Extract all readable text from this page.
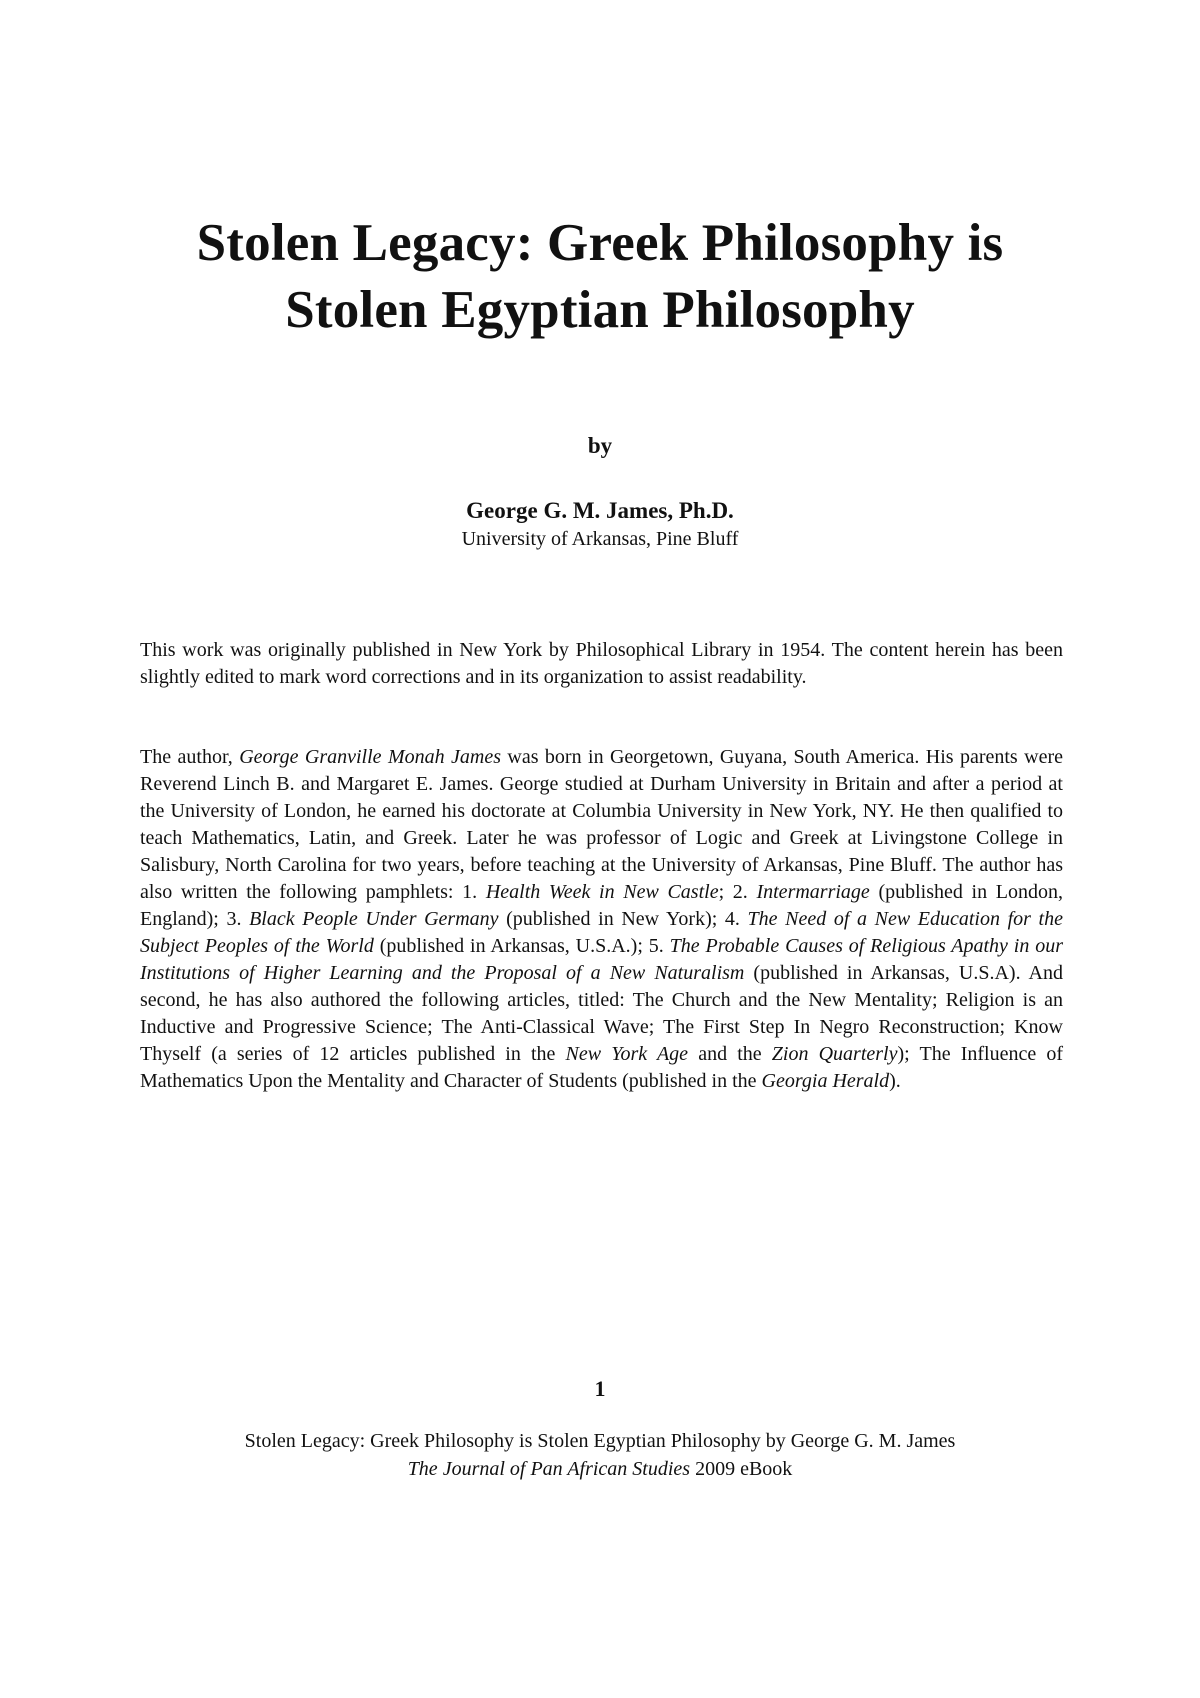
Stolen Legacy: Greek Philosophy is
Stolen Egyptian Philosophy
by
George G. M. James, Ph.D.
University of Arkansas, Pine Bluff

This work was originally published in New York by Philosophical Library in 1954. The content herein has been slightly edited to mark word corrections and in its organization to assist readability.

The author, George Granville Monah James was born in Georgetown, Guyana, South America. His parents were Reverend Linch B. and Margaret E. James. George studied at Durham University in Britain and after a period at the University of London, he earned his doctorate at Columbia University in New York, NY. He then qualified to teach Mathematics, Latin, and Greek. Later he was professor of Logic and Greek at Livingstone College in Salisbury, North Carolina for two years, before teaching at the University of Arkansas, Pine Bluff. The author has also written the following pamphlets: 1. Health Week in New Castle; 2. Intermarriage (published in London, England); 3. Black People Under Germany (published in New York); 4. The Need of a New Education for the Subject Peoples of the World (published in Arkansas, U.S.A.); 5. The Probable Causes of Religious Apathy in our Institutions of Higher Learning and the Proposal of a New Naturalism (published in Arkansas, U.S.A). And second, he has also authored the following articles, titled: The Church and the New Mentality; Religion is an Inductive and Progressive Science; The Anti-Classical Wave; The First Step In Negro Reconstruction; Know Thyself (a series of 12 articles published in the New York Age and the Zion Quarterly); The Influence of Mathematics Upon the Mentality and Character of Students (published in the Georgia Herald).

1
Stolen Legacy: Greek Philosophy is Stolen Egyptian Philosophy by George G. M. James
The Journal of Pan African Studies 2009 eBook
